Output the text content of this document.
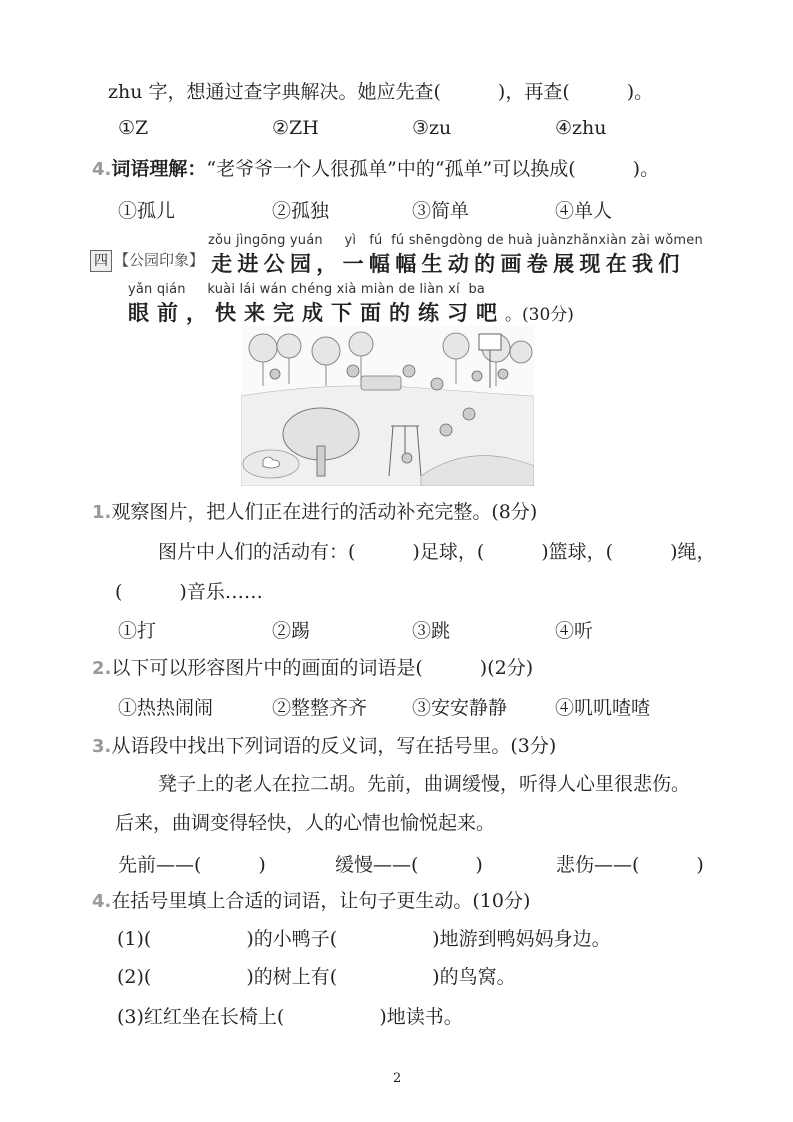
zhu 字，想通过查字典解决。她应先查(　　　)，再查(　　　)。
①Z	②ZH	③zu	④zhu
4.词语理解：“老爷爷一个人很孤单”中的“孤单”可以换成(　　　)。
①孤儿	②孤独	③简单	④单人
四 【公园印象】
zǒu jìngōng yuán yì fú fú shēngdòng de huà juànzhǎnxiàn zài wǒmen
走进公园，一幅幅生动的画卷展现在我们
yǎn qián kuài lái wán chéng xià miàn de liàn xí ba
眼前，快来完成下面的练习吧。(30分)
1.观察图片，把人们正在进行的活动补充完整。(8分)
图片中人们的活动有：(　　　)足球，(　　　)篮球，(　　　)绳，
(　　　)音乐……
①打	②踢	③跳	④听
2.以下可以形容图片中的画面的词语是(　　　)(2分)
①热热闹闹	②整整齐齐 ③安安静静	④叽叽喳喳
3.从语段中找出下列词语的反义词，写在括号里。(3分)
凳子上的老人在拉二胡。先前，曲调缓慢，听得人心里很悲伤。
后来，曲调变得轻快，人的心情也愉悦起来。
先前——(　　　)	缓慢——(　　　)	悲伤——(　　　)
4.在括号里填上合适的词语，让句子更生动。(10分)
(1)(　　　　　)的小鸭子(　　　　　)地游到鸭妈妈身边。
(2)(　　　　　)的树上有(　　　　　)的鸟窝。
(3)红红坐在长椅上(　　　　　)地读书。
2
